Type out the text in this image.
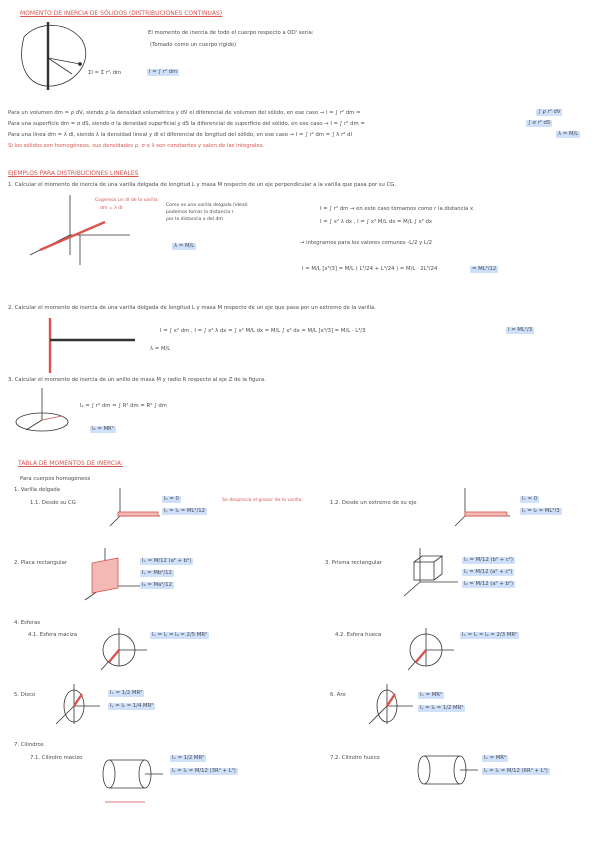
MOMENTO DE INERCIA DE SÓLIDOS (DISTRIBUCIONES CONTINUAS)
El momento de inercia de todo el cuerpo respecto a OO' sería:
(Tomado como un cuerpo rígido)
ΣI = Σ r²ᵢ dm	I = ∫ r² dm
Para un volumen dm = ρ dV, siendo ρ la densidad volumétrica y dV el diferencial de volumen del sólido, en ese caso → I = ∫ r² dm =	∫ ρ r² dV
Para una superficie dm = σ dS, siendo σ la densidad superficial y dS la diferencial de superficie del sólido, en ese caso → I = ∫ r² dm =	∫ σ r² dS
Para una línea dm = λ dl, siendo λ la densidad lineal y dl el diferencial de longitud del sólido, en ese caso → I = ∫ r² dm = ∫ λ r² dl	λ = M/L
Si los sólidos son homogéneos, sus densidades ρ, σ o λ son constantes y salen de las integrales.
EJEMPLOS PARA DISTRIBUCIONES LINEALES
1. Calcular el momento de inercia de una varilla delgada de longitud L y masa M respecto de un eje perpendicular a la varilla que pasa por su CG.
Cogemos un dl de la varilla
dm = λ dl
Como es una varilla delgada (ideal)
podemos tomar la distancia r
por la distancia x del dm
λ = M/L
I = ∫ r² dm → en este caso tomamos como r la distancia x
I = ∫ x² λ dx , I = ∫ x² M/L dx = M/L ∫ x² dx
→ integramos para los valores comunes -L/2 y L/2
I = M/L [x³/3] = M/L ( L³/24 + L³/24 ) = M/L · 2L³/24	= ML²/12
2. Calcular el momento de inercia de una varilla delgada de longitud L y masa M respecto de un eje que pasa por un extremo de la varilla.
I = ∫ x² dm , I = ∫ x² λ dx = ∫ x² M/L dx = M/L ∫ x² dx = M/L [x³/3] = M/L · L³/3	I = ML²/3
λ = M/L
3. Calcular el momento de inercia de un anillo de masa M y radio R respecto al eje Z de la figura.
I₂ = ∫ r² dm = ∫ R² dm = R² ∫ dm
I₂ = MR²
TABLA DE MOMENTOS DE INERCIA:
Para cuerpos homogéneos
1. Varilla delgada
1.1. Desde su CG
I₀ = 0
Iᵧ = I₂ = ML²/12
Se desprecia el grosor de la varilla	1.2. Desde un extremo de su eje
Iₓ = 0
Iᵧ = I₂ = ML²/3
2. Placa rectangular	Iₓ = M/12 (a² + b²)
Iᵧ = Mb²/12
I₂ = Ma²/12
3. Prisma rectangular	Iₓ = M/12 (b² + c²)
Iᵧ = M/12 (a² + c²)
I₂ = M/12 (a² + b²)
4. Esferas
4.1. Esfera maciza	Iₓ = Iᵧ = I₂ = 2/5 MR²	4.2. Esfera hueca	Iₓ = Iᵧ = I₂ = 2/3 MR²
5. Disco	Iₓ = 1/2 MR²
Iᵧ = I₂ = 1/4 MR²
6. Aro	Iₓ = MR²
Iᵧ = I₂ = 1/2 MR²
7. Cilindros
7.1. Cilindro macizo	Iₓ = 1/2 MR²
Iᵧ = I₂ = M/12 (3R² + L²)
7.2. Cilindro hueco	Iₓ = MR²
Iᵧ = I₂ = M/12 (6R² + L²)
